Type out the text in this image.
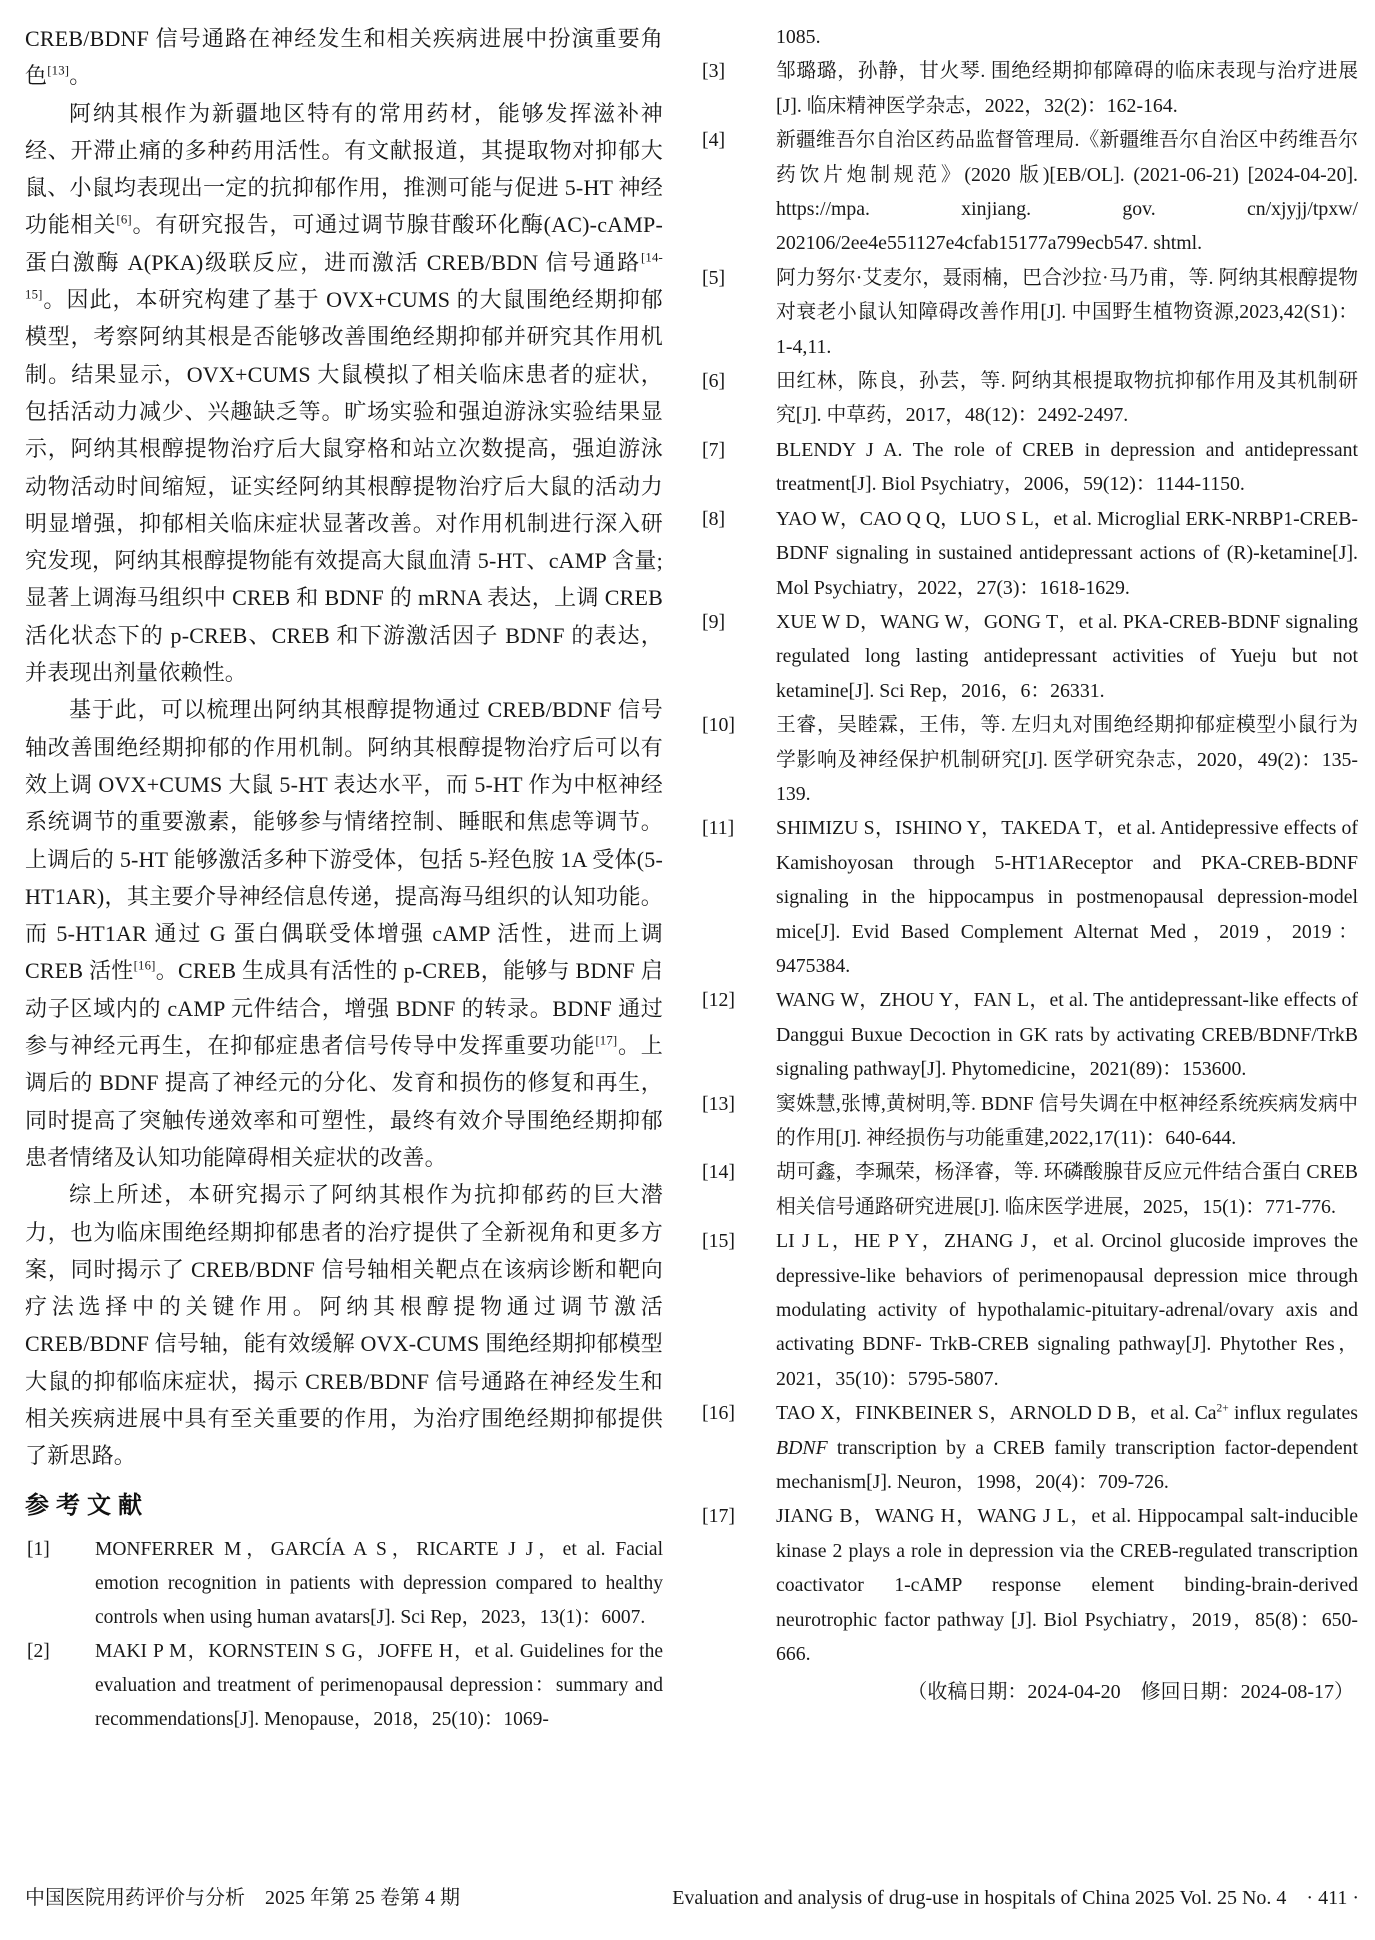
CREB/BDNF 信号通路在神经发生和相关疾病进展中扮演重要角色[13]。

阿纳其根作为新疆地区特有的常用药材，能够发挥滋补神经、开滞止痛的多种药用活性。有文献报道，其提取物对抑郁大鼠、小鼠均表现出一定的抗抑郁作用，推测可能与促进 5-HT 神经功能相关[6]。有研究报告，可通过调节腺苷酸环化酶(AC)-cAMP-蛋白激酶 A(PKA)级联反应，进而激活 CREB/BDN 信号通路[14-15]。因此，本研究构建了基于 OVX+CUMS 的大鼠围绝经期抑郁模型，考察阿纳其根是否能够改善围绝经期抑郁并研究其作用机制。结果显示，OVX+CUMS 大鼠模拟了相关临床患者的症状，包括活动力减少、兴趣缺乏等。旷场实验和强迫游泳实验结果显示，阿纳其根醇提物治疗后大鼠穿格和站立次数提高，强迫游泳动物活动时间缩短，证实经阿纳其根醇提物治疗后大鼠的活动力明显增强，抑郁相关临床症状显著改善。对作用机制进行深入研究发现，阿纳其根醇提物能有效提高大鼠血清 5-HT、cAMP 含量;显著上调海马组织中 CREB 和 BDNF 的 mRNA 表达，上调 CREB 活化状态下的 p-CREB、CREB 和下游激活因子 BDNF 的表达，并表现出剂量依赖性。

基于此，可以梳理出阿纳其根醇提物通过 CREB/BDNF 信号轴改善围绝经期抑郁的作用机制。阿纳其根醇提物治疗后可以有效上调 OVX+CUMS 大鼠 5-HT 表达水平，而 5-HT 作为中枢神经系统调节的重要激素，能够参与情绪控制、睡眠和焦虑等调节。上调后的 5-HT 能够激活多种下游受体，包括 5-羟色胺 1A 受体(5-HT1AR)，其主要介导神经信息传递，提高海马组织的认知功能。而 5-HT1AR 通过 G 蛋白偶联受体增强 cAMP 活性，进而上调 CREB 活性[16]。CREB 生成具有活性的 p-CREB，能够与 BDNF 启动子区域内的 cAMP 元件结合，增强 BDNF 的转录。BDNF 通过参与神经元再生，在抑郁症患者信号传导中发挥重要功能[17]。上调后的 BDNF 提高了神经元的分化、发育和损伤的修复和再生，同时提高了突触传递效率和可塑性，最终有效介导围绝经期抑郁患者情绪及认知功能障碍相关症状的改善。

综上所述，本研究揭示了阿纳其根作为抗抑郁药的巨大潜力，也为临床围绝经期抑郁患者的治疗提供了全新视角和更多方案，同时揭示了 CREB/BDNF 信号轴相关靶点在该病诊断和靶向疗法选择中的关键作用。阿纳其根醇提物通过调节激活 CREB/BDNF 信号轴，能有效缓解 OVX-CUMS 围绝经期抑郁模型大鼠的抑郁临床症状，揭示 CREB/BDNF 信号通路在神经发生和相关疾病进展中具有至关重要的作用，为治疗围绝经期抑郁提供了新思路。

参考文献
[1] MONFERRER M，GARCÍA A S，RICARTE J J，et al. Facial emotion recognition in patients with depression compared to healthy controls when using human avatars[J]. Sci Rep，2023，13(1)：6007.
[2] MAKI P M，KORNSTEIN S G，JOFFE H，et al. Guidelines for the evaluation and treatment of perimenopausal depression：summary and recommendations[J]. Menopause，2018，25(10)：1069-
1085.
[3]	邹璐璐，孙静，甘火琴. 围绝经期抑郁障碍的临床表现与治疗进展[J]. 临床精神医学杂志，2022，32(2)：162-164.
[4]	新疆维吾尔自治区药品监督管理局.《新疆维吾尔自治区中药维吾尔药饮片炮制规范》(2020 版)[EB/OL]. (2021-06-21) [2024-04-20]. https://mpa. xinjiang. gov. cn/xjyjj/tpxw/ 202106/2ee4e551127e4cfab15177a799ecb547. shtml.
[5]	阿力努尔·艾麦尔，聂雨楠，巴合沙拉·马乃甫，等. 阿纳其根醇提物对衰老小鼠认知障碍改善作用[J]. 中国野生植物资源,2023,42(S1)：1-4,11.
[6]	田红林，陈良，孙芸，等. 阿纳其根提取物抗抑郁作用及其机制研究[J]. 中草药，2017，48(12)：2492-2497.
[7]	BLENDY J A. The role of CREB in depression and antidepressant treatment[J]. Biol Psychiatry，2006，59(12)：1144-1150.
[8]	YAO W，CAO Q Q，LUO S L，et al. Microglial ERK-NRBP1-CREB-BDNF signaling in sustained antidepressant actions of (R)-ketamine[J]. Mol Psychiatry，2022，27(3)：1618-1629.
[9]	XUE W D，WANG W，GONG T，et al. PKA-CREB-BDNF signaling regulated long lasting antidepressant activities of Yueju but not ketamine[J]. Sci Rep，2016，6：26331.
[10] 王睿，吴睦霖，王伟，等. 左归丸对围绝经期抑郁症模型小鼠行为学影响及神经保护机制研究[J]. 医学研究杂志，2020，49(2)：135-139.
[11] SHIMIZU S，ISHINO Y，TAKEDA T，et al. Antidepressive effects of Kamishoyosan through 5-HT1AReceptor and PKA-CREB-BDNF signaling in the hippocampus in postmenopausal depression-model mice[J]. Evid Based Complement Alternat Med，2019，2019：9475384.
[12] WANG W，ZHOU Y，FAN L，et al. The antidepressant-like effects of Danggui Buxue Decoction in GK rats by activating CREB/BDNF/TrkB signaling pathway[J]. Phytomedicine，2021(89)：153600.
[13] 窦姝慧,张博,黄树明,等. BDNF 信号失调在中枢神经系统疾病发病中的作用[J]. 神经损伤与功能重建,2022,17(11)：640-644.
[14] 胡可鑫，李珮荣，杨泽睿，等. 环磷酸腺苷反应元件结合蛋白 CREB 相关信号通路研究进展[J]. 临床医学进展，2025，15(1)：771-776.
[15] LI J L，HE P Y，ZHANG J，et al. Orcinol glucoside improves the depressive-like behaviors of perimenopausal depression mice through modulating activity of hypothalamic-pituitary-adrenal/ovary axis and activating BDNF- TrkB-CREB signaling pathway[J]. Phytother Res，2021，35(10)：5795-5807.
[16] TAO X，FINKBEINER S，ARNOLD D B，et al. $Ca^{2+}$ influx regulates BDNF transcription by a CREB family transcription factor-dependent mechanism[J]. Neuron，1998，20(4)：709-726.
[17] JIANG B，WANG H，WANG J L，et al. Hippocampal salt-inducible kinase 2 plays a role in depression via the CREB-regulated transcription coactivator 1-cAMP response element binding-brain-derived neurotrophic factor pathway [J]. Biol Psychiatry，2019，85(8)：650-666.
（收稿日期：2024-04-20　修回日期：2024-08-17）
中国医院用药评价与分析　2025 年第 25 卷第 4 期	Evaluation and analysis of drug-use in hospitals of China 2025 Vol. 25 No. 4　· 411 ·
